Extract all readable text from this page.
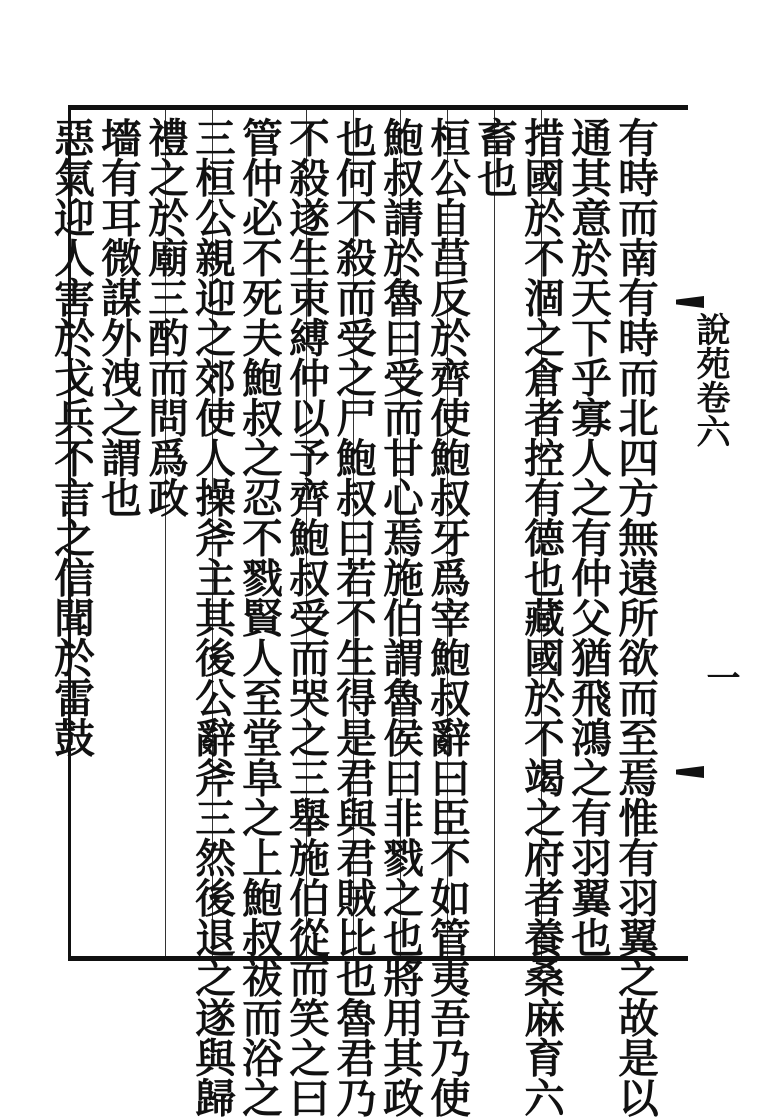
有時而南有時而北四方無遠所欲而至焉惟有羽翼之故是以
通其意於天下乎寡人之有仲父猶飛鴻之有羽翼也
措國於不涸之倉者控有德也藏國於不竭之府者養桑麻育六
畜也
桓公自莒反於齊使鮑叔牙爲宰鮑叔辭曰臣不如管夷吾乃使
鮑叔請於魯曰受而甘心焉施伯謂魯侯曰非戮之也將用其政
也何不殺而受之尸鮑叔曰若不生得是君與君賊比也魯君乃
不殺遂生束縛仲以予齊鮑叔受而哭之三舉施伯從而笑之曰
管仲必不死夫鮑叔之忍不戮賢人至堂阜之上鮑叔祓而浴之
三桓公親迎之郊使人操斧主其後公辭斧三然後退之遂與歸
禮之於廟三酌而問爲政
墻有耳微謀外洩之謂也
惡氣迎人害於戈兵不言之信聞於雷鼓	說苑卷六
一
